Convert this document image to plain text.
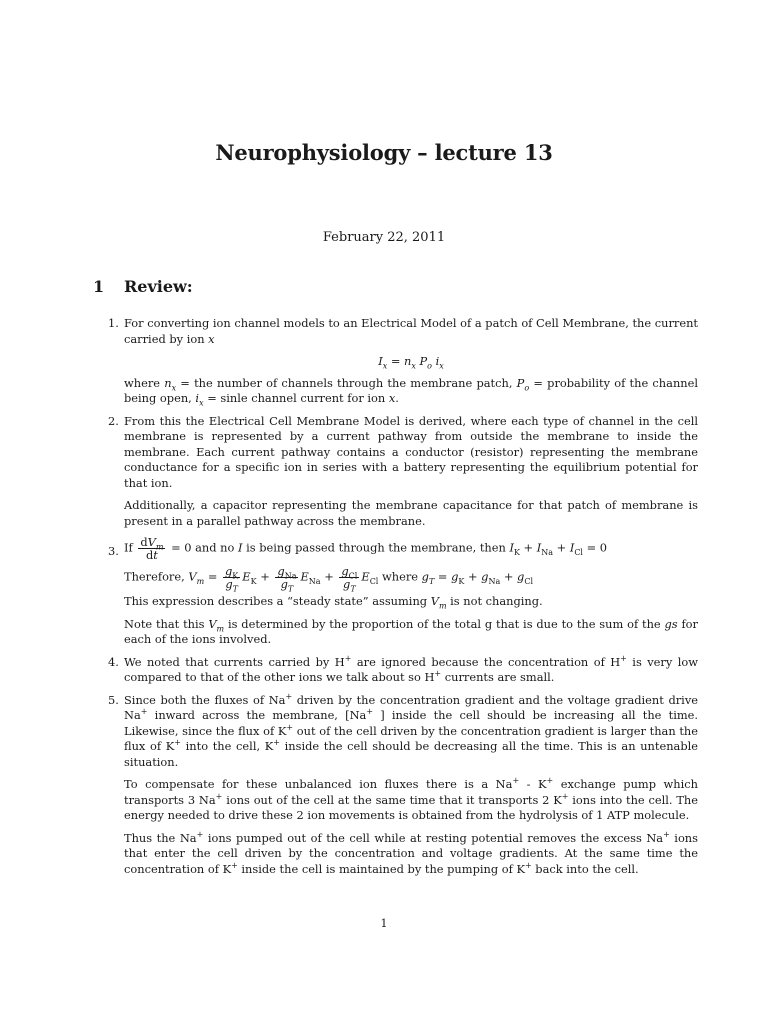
Neurophysiology – lecture 13
February 22, 2011
1 Review:
1. For converting ion channel models to an Electrical Model of a patch of Cell Membrane, the current carried by ion x

$I_x = n_x$ $P_o$ $i_x$

where $n_x$ = the number of channels through the membrane patch, $P_o$ = probability of the channel being open, $i_x$ = sinle channel current for ion x.

2. From this the Electrical Cell Membrane Model is derived, where each type of channel in the cell membrane is represented by a current pathway from outside the membrane to inside the membrane. Each current pathway contains a conductor (resistor) representing the membrane conductance for a specific ion in series with a battery representing the equilibrium potential for that ion.

Additionally, a capacitor representing the membrane capacitance for that patch of membrane is present in a parallel pathway across the membrane.

3. If $\frac{dV_m}{dt} = 0$ and no I is being passed through the membrane, then $I_K + I_{Na} + I_{Cl} = 0$
Therefore, $V_m = \frac{g_K}{g_T} E_K + \frac{g_{Na}}{g_T} E_{Na} + \frac{g_{Cl}}{g_T} E_{Cl}$ where $g_T = g_K + g_{Na} + g_{Cl}$

This expression describes a “steady state” assuming $V_m$ is not changing.

Note that this $V_m$ is determined by the proportion of the total g that is due to the sum of the gs for each of the ions involved.

4. We noted that currents carried by H+ are ignored because the concentration of H+ is very low compared to that of the other ions we talk about so H+ currents are small.

5. Since both the fluxes of Na+ driven by the concentration gradient and the voltage gradient drive Na+ inward across the membrane, [Na+ ] inside the cell should be increasing all the time. Likewise, since the flux of K+ out of the cell driven by the concentration gradient is larger than the flux of K+ into the cell, K+ inside the cell should be decreasing all the time. This is an untenable situation.

To compensate for these unbalanced ion fluxes there is a Na+ - K+ exchange pump which transports 3 Na+ ions out of the cell at the same time that it transports 2 K+ ions into the cell. The energy needed to drive these 2 ion movements is obtained from the hydrolysis of 1 ATP molecule.

Thus the Na+ ions pumped out of the cell while at resting potential removes the excess Na+ ions that enter the cell driven by the concentration and voltage gradients. At the same time the concentration of K+ inside the cell is maintained by the pumping of K+ back into the cell.

1
